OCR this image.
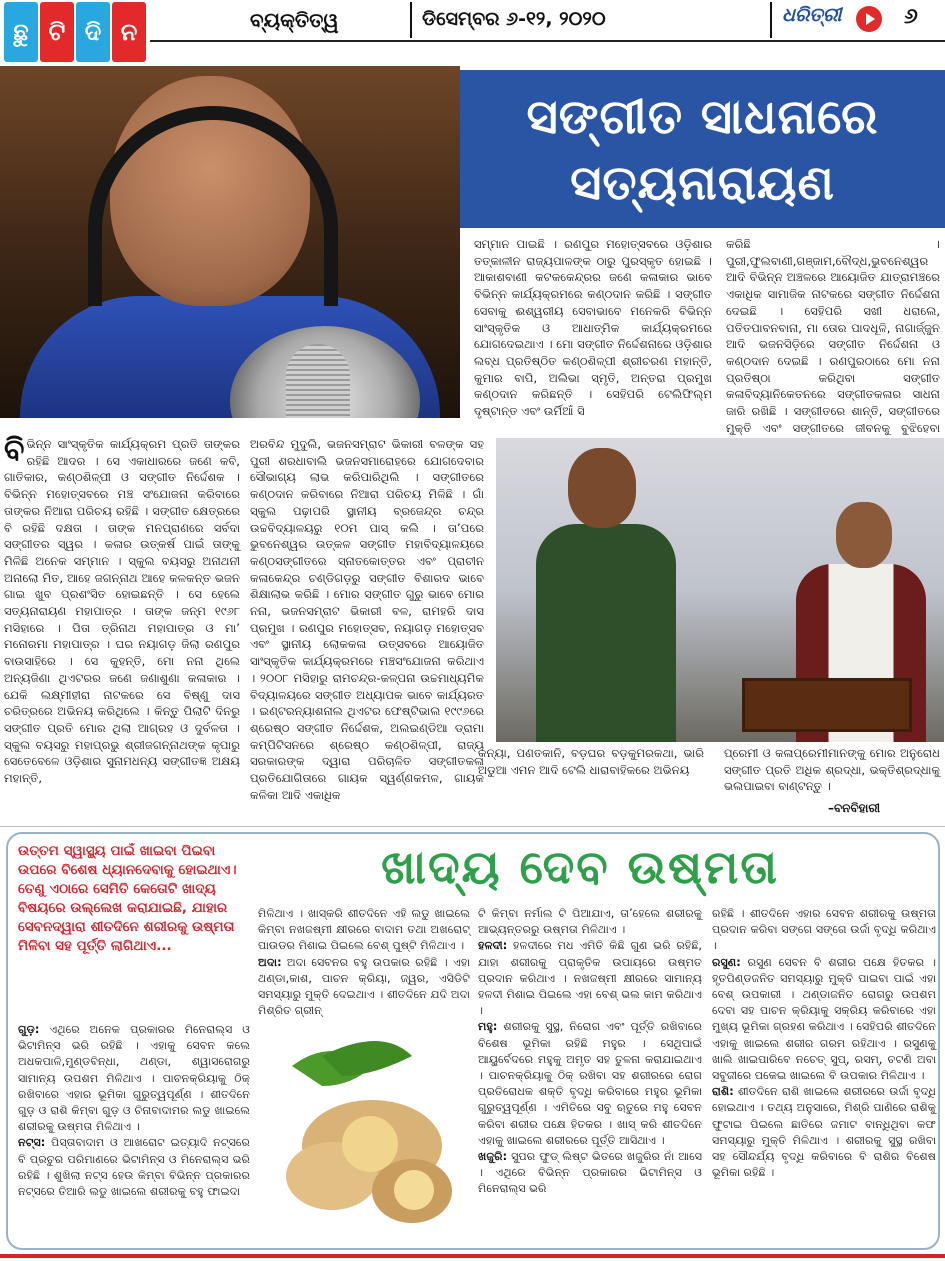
ଛୁ ଟି ଦି ନ	ବ୍ୟକ୍ତିତ୍ୱ	ଡିସେମ୍ବର ୬-୧୨, ୨୦୨୦	ଧରିତ୍ରୀ	୬
ସଙ୍ଗୀତ ସାଧନାରେ
ସତ୍ୟନାରାୟଣ
ସମ୍ମାନ ପାଇଛି । ରଣପୁର ମହୋତ୍ସବରେ ଓଡ଼ିଶାର ତତ୍କାଳୀନ ରାଜ୍ୟପାଳଙ୍କ ଠାରୁ ପୁରସ୍କୃତ ହୋଇଛି । ଆକାଶବାଣୀ କଟକକେନ୍ଦ୍ରର ଜଣେ କଳାକାର ଭାବେ ବିଭିନ୍ନ କାର୍ଯ୍ୟକ୍ରମରେ କଣ୍ଠଦାନ କରିଛି । ସଙ୍ଗୀତ ସେବାକୁ ଈଶ୍ୱରୀୟ ସେବାଭାବେ ମନେକରି ବିଭିନ୍ନ ସାଂସ୍କୃତିକ ଓ ଆଧାତ୍ମିକ କାର୍ଯ୍ୟକ୍ରମରେ ଯୋଗଦେଇଥାଏ । ମୋ ସଙ୍ଗୀତ ନିର୍ଦ୍ଦେଶନାରେ ଓଡ଼ିଶାର ଲବ୍ଧ ପ୍ରତିଷ୍ଠିତ କଣ୍ଠଶିଳ୍ପୀ ଶ୍ରୀଚରଣ ମହାନ୍ତି, କୁମାର ବାପି, ଅଲିଭା ସ୍ମୃତି, ଅନ୍ତରା ପ୍ରମୁଖ କଣ୍ଠଦାନ କରିଛନ୍ତି । ସେହିପରି ଟେଲିଫିଲ୍ମ ଦୃଷ୍ଟାନ୍ତ ଏବଂ ଉର୍ମିଆଁ ସି
କରିଛି । ପୁରୀ,ଫୁଲବାଣୀ,ଗଞ୍ଜାମ,ବୌଦ୍ଧ,ଭୁବନେଶ୍ୱର ଆଦି ବିଭିନ୍ନ ଅଞ୍ଚଳରେ ଆୟୋଜିତ ଯାତ୍ରାମଞ୍ଚରେ ଏକାଧିକ ସାମାଜିକ ନାଟକରେ ସଙ୍ଗୀତ ନିର୍ଦ୍ଦେଶନା ଦେଇଛି । ସେହିପରି ସଖୀ ଧରାଲେ, ପତିତପାବନବାନା, ମା ତୋର ପାଦଧୂଳି, ନାଗାର୍ଜ୍ଜୁନ ଆଦି ଭଜନସିଡ଼ିରେ ସଙ୍ଗୀତ ନିର୍ଦ୍ଦେଶନା ଓ କଣ୍ଠଦାନ ଦେଇଛି । ରଣପୁରଠାରେ ମୋ ନନା ପ୍ରତିଷ୍ଠା କରିଥିବା ସଙ୍ଗୀତ କଳାବିଦ୍ୟାନିକେତନରେ ସଙ୍ଗୀତକଳାର ସାଧନା ଜାରି ରଖିଛି । ସଙ୍ଗୀତରେ ଶାନ୍ତି, ସଙ୍ଗୀତରେ ମୁକ୍ତି ଏବଂ ସଙ୍ଗୀତରେ ଜୀବନକୁ ବୁଝିହେବା
ବିଭିନ୍ନ ସାଂସ୍କୃତିକ କାର୍ଯ୍ୟକ୍ରମ ପ୍ରତି ତାଙ୍କର ରହିଛି ଆଦର । ସେ ଏକାଧାରରେ ଜଣେ କବି, ଗାତିକାର, କଣ୍ଠଶିଳ୍ପୀ ଓ ସଙ୍ଗୀତ ନିର୍ଦ୍ଦେଶକ । ବିଭିନ୍ନ ମହୋତ୍ସବରେ ମଞ୍ଚ ସଂଯୋଜନା କରିବାରେ ତାଙ୍କର ନିଆରା ପରିଚୟ ରହିଛି । ସଙ୍ଗୀତ କ୍ଷେତ୍ରରେ ବି ରହିଛି ଦକ୍ଷତା । ତାଙ୍କ ମନପ୍ରାଣରେ ସର୍ବଦା ସଙ୍ଗୀତର ସ୍ୱର । କଳାର ଉତ୍କର୍ଷ ପାଇଁ ତାଙ୍କୁ ମିଳିଛି ଅନେକ ସମ୍ମାନ । ସ୍କୁଲ ବୟସରୁ ଅନାଥନୀ ଅନାଲୋ ମିତ, ଆହେ ଜଗନ୍ନାଥ ଆହେ କଳକନ୍ତ ଭଜନ ଗାଇ ଖୁବ ପ୍ରଶଂସିତ ହୋଇଛନ୍ତି । ସେ ହେଲେ ସତ୍ୟନାରାୟଣ ମହାପାତ୍ର । ତାଙ୍କ ଜନ୍ମ ୧୯୬୮ ମସିହାରେ । ପିତା ତ୍ରିନାଥ ମହାପାତ୍ର ଓ ମା’ ମନୋରମା ମହାପାତ୍ର । ଘର ନୟାଗଡ଼ ଜିଲା ରଣପୁର ବାଉସାହିରେ । ସେ କୁହନ୍ତି, ମୋ ନନା ଥିଲେ ଅନ୍ୟଜିଣା ଥିଏଟରର ଜଣେ ଜଣାଶୁଣା କଳାକାର । ଯେକି ଲକ୍ଷ୍ମୀହୀରା ନାଟକରେ ସେ ବିଷ୍ଣୁ ଦାସ ଚରିତ୍ରରେ ଅଭିନୟ କରିଥିଲେ । କିନ୍ତୁ ପିଲାଟି ଦିନରୁ ସଙ୍ଗୀତ ପ୍ରତି ମୋର ଥିଲା ଆଗ୍ରହ ଓ ଦୁର୍ବଳତା । ସ୍କୁଲ ବୟସରୁ ମହାପ୍ରଭୁ ଶ୍ରୀଜଗନ୍ନାଥଙ୍କ କୃପାରୁ ସେତେବେଳେ ଓଡ଼ିଶାର ସୁନାମଧନ୍ୟ ସଙ୍ଗୀତଜ୍ଞ ଅକ୍ଷୟ ମହାନ୍ତି,
ଅରବିନ୍ଦ ମୁଦୁଲି, ଭଜନସମ୍ରାଟ ଭିକାରୀ ବଳଙ୍କ ସହ ପୁରୀ ଶରଧାବାଲି ଭଜନସମାରୋହରେ ଯୋଗଦେବାର ସୌଭାଗ୍ୟ ଲାଭ କରିପାରିଥିଲି । ସଙ୍ଗୀତରେ କଣ୍ଠଦାନ କରିବାରେ ନିଆରା ପରିଚୟ ମିଳିଛି । ଗାଁ ସ୍କୁଲ ପଢ଼ାପରି ସ୍ଥାନୀୟ ବ୍ରଜେନ୍ଦ୍ର ଚନ୍ଦ୍ର ଉଚ୍ଚବିଦ୍ୟାଳୟରୁ ୧୦ମ ପାସ୍ କଲି । ତା’ପରେ ଭୁବନେଶ୍ୱର ଉତ୍କଳ ସଙ୍ଗୀତ ମହାବିଦ୍ୟାଳୟରେ କଣ୍ଠସଙ୍ଗୀତରେ ସ୍ନାତକୋତ୍ତର ଏବଂ ପ୍ରାଚୀନ କଳାକେନ୍ଦ୍ର ଚଣ୍ଡିଗଡ଼ରୁ ସଙ୍ଗୀତ ବିଶାରଦ ଭାବେ ଶିକ୍ଷାଲାଭ କରିଛି । ମୋର ସଙ୍ଗୀତ ଗୁରୁ ଭାବେ ମୋର ନନା, ଭଜନସମ୍ରାଟ ଭିକାରୀ ବଳ, ରାମହରି ଦାସ ପ୍ରମୁଖ । ରଣପୁର ମହୋତ୍ସବ, ନୟାଗଡ଼ ମହୋତ୍ସବ ଏବଂ ସ୍ଥାନୀୟ ଲୋକକଳା ଉତ୍ସବରେ ଆୟୋଜିତ ସାଂସ୍କୃତିକ କାର୍ଯ୍ୟକ୍ରମରେ ମଞ୍ଚସଂଯୋଜନା କରିଥାଏ । ୨୦୦୮ ମସିହାରୁ ରାମଚନ୍ଦ୍ର-କଳ୍ପନା ଉଚ୍ଚମାଧ୍ୟମିକ ବିଦ୍ୟାଳୟରେ ସଙ୍ଗୀତ ଅଧ୍ୟାପକ ଭାବେ କାର୍ଯ୍ୟରତ । ଇଣ୍ଟରନ୍ୟାଶନାଲ ଥିଏଟର ଫେଷ୍ଟିଭାଲ ୧୯୯୬ରେ ଶ୍ରେଷ୍ଠ ସଙ୍ଗୀତ ନିର୍ଦ୍ଦେଶକ, ଅଲଇଣ୍ଡିଆ ଡ୍ରାମା କମ୍ପିଟିସନରେ ଶ୍ରେଷ୍ଠ କଣ୍ଠଶିଳ୍ପୀ, ରାଜ୍ୟ ସରକାରଙ୍କ ଦ୍ୱାରା ପରିଚାଳିତ ସଙ୍ଗୀତକଳା ପ୍ରତିଯୋଗିତାରେ ଗାୟକ ସ୍ୱର୍ଣ୍ଣକମଳ, ଗାୟକ କଳିକା ଆଦି ଏକାଧିକ
କନ୍ୟା, ପଣତକାନି, ବଡ଼ଘର ବଡ଼କୁମରକଥା, ଭାରି ଅଡୁଆ ଏମନ ଆଦି ଟେଲି ଧାରାବାହିକରେ ଅଭିନୟ
ପ୍ରେମୀ ଓ କଳାପ୍ରେମୀମାନଙ୍କୁ ମୋର ଅନୁରୋଧ ସଙ୍ଗୀତ ପ୍ରତି ଅଧିକ ଶ୍ରଦ୍ଧା, ଭକ୍ତିଶ୍ରଦ୍ଧାକୁ ଭଲପାଇବା ବାଣ୍ଟନ୍ତୁ ।
–ବନବିହାରୀ
ଉତ୍ତମ ସ୍ୱାସ୍ଥ୍ୟ ପାଇଁ ଖାଇବା ପିଇବା ଉପରେ ବିଶେଷ ଧ୍ୟାନଦେବାକୁ ହୋଇଥାଏ। ତେଣୁ ଏଠାରେ ସେମିତି କେତୋଟି ଖାଦ୍ୟ ବିଷୟରେ ଉଲ୍ଲେଖ କରାଯାଇଛି, ଯାହାର ସେବନଦ୍ୱାରା ଶୀତଦିନେ ଶରୀରକୁ ଉଷ୍ମତା ମିଳିବା ସହ ପୂର୍ତ୍ତି ଲାଗିଥାଏ...
ଖାଦ୍ୟ ଦେବ ଉଷ୍ମତା

ଗୁଡ଼: ଏଥିରେ ଅନେକ ପ୍ରକାରର ମିନେରାଲ୍ସ ଓ ଭିଟାମିନ୍ସ ଭରି ରହିଛି । ଏହାକୁ ସେବନ କଲେ ଅଧକପାଳି,ମୁଣ୍ଡବିନ୍ଧା, ଥଣ୍ଡା, ଶ୍ୱାସରୋଗରୁ ସାମାନ୍ୟ ଉପଶମ ମିଳିଥାଏ । ପାଚନକ୍ରିୟାକୁ ଠିକ୍ ରଖିବାରେ ଏହାର ଭୂମିକା ଗୁରୁତ୍ୱପୂର୍ଣ୍ଣ । ଶୀତଦିନେ ଗୁଡ଼ ଓ ରାଶି କିମ୍ବା ଗୁଡ଼ ଓ ଚିନାବାଦାମର ଲଡୁ ଖାଇଲେ ଶରୀରକୁ ଉଷ୍ମତା ମିଳିଥାଏ ।

ନଟ୍ସ: ପିସ୍ତାବାଦାମ ଓ ଆଖରୋଟ ଇତ୍ୟାଦି ନଟ୍ସରେ ବି ପ୍ରଚୁର ପରିମାଣରେ ଭିଟାମିନ୍ସ ଓ ମିନେରାଲ୍ସ ଭରି ରହିଛି । ଶୁଖିଲା ନଟ୍ସ ହେଉ କିମ୍ବା ବିଭିନ୍ନ ପ୍ରକାରର ନଟ୍ସରେ ତିଆରି ଲଡୁ ଖାଇଲେ ଶରୀରକୁ ବହୁ ଫାଇଦା

ମିଳିଥାଏ । ଖାସ୍‌କରି ଶୀତଦିନେ ଏହି ଲଡୁ ଖାଇଲେ କିମ୍ବା ନଖଜଷ୍ମୀ କ୍ଷୀରରେ ବାଦାମ ତଥା ଅଖରୋଟ୍ ପାଉଡର ମିଶାଇ ପିଇଲେ ବେଶ୍ ପୁଷ୍ଟି ମିଳିଥାଏ ।

ଅଦା: ଅଦା ସେବନର ବହୁ ଉପକାର ରହିଛି । ଏହା ଥଣ୍ଡା,କାଶ, ପାଚନ କ୍ରିୟା, ଜ୍ୱର, ଏସିଡିଟି ସମସ୍ୟାରୁ ମୁକ୍ତି ଦେଇଥାଏ । ଶୀତଦିନେ ଯଦି ଅଦା ମିଶ୍ରିତ ଗ୍ରୀନ୍

ଟି କିମ୍ବା ନର୍ମାଲ ଟି ପିଆଯାଏ, ତା’ହେଲେ ଶରୀରକୁ ଆଭ୍ୟନ୍ତରରୁ ଉଷ୍ମତା ମିଳିଥାଏ ।

ହଳଦୀ: ହଳଦୀରେ ମଧ ଏମିତି କିଛି ଗୁଣ ଭରି ରହିଛି, ଯାହା ଶରୀରକୁ ପ୍ରାକୃତିକ ଉପାୟରେ ଉଷ୍ମତ ପ୍ରଦାନ କରିଥାଏ । ନଖଜଷ୍ମୀ କ୍ଷୀରରେ ସାମାନ୍ୟ ହଳଦୀ ମିଶାଇ ପିଇଲେ ଏହା ବେଶ୍ ଭଲ କାମ କରିଥାଏ ।

ମହୁ: ଶରୀରକୁ ସୁସ୍ଥ, ନିରୋଗ ଏବଂ ପୂର୍ତ୍ତି ରଖିବାରେ ବିଶେଷ ଭୂମିକା ରହିଛି ମହୁର । ସେଥିପାଇଁ ଆୟୁର୍ବେଦରେ ମହୁକୁ ଅମୃତ ସହ ତୁଳନା କରାଯାଇଥାଏ । ପାଚନକ୍ରିୟାକୁ ଠିକ୍ ରଖିବା ସହ ଶରୀରରେ ରୋଗ ପ୍ରତିରୋଧକ ଶକ୍ତି ବୃଦ୍ଧି କରିବାରେ ମହୁର ଭୂମିକା ଗୁରୁତ୍ୱପୂର୍ଣ୍ଣ । ଏମିତିରେ ସବୁ ଋତୁରେ ମହୁ ସେବନ କରିବା ଶରୀର ପକ୍ଷେ ହିତକର । ଖାସ୍ କରି ଶୀତଦିନେ ଏହାକୁ ଖାଇଲେ ଶରୀରରେ ପୂର୍ତ୍ତି ଆସିଥାଏ ।

ଖଜୁରି: ସୁପର ଫୁଡ୍ ଲିଷ୍ଟ ଭିତରେ ଖଜୁରିର ନାଁ ଆସେ । ଏଥିରେ ବିଭିନ୍ନ ପ୍ରକାରର ଭିଟାମିନ୍ସ ଓ ମିନେରାଲ୍ସ ଭରି

ରହିଛି । ଶୀତଦିନେ ଏହାର ସେବନ ଶରୀରକୁ ଉଷ୍ମତା ପ୍ରଦାନ କରିବା ସଙ୍ଗେ ସଙ୍ଗେ ଉର୍ଜା ବୃଦ୍ଧି କରିଥାଏ ।

ରସୁଣ: ରସୁଣ ସେବନ ବି ଶରୀର ପକ୍ଷେ ହିତକର । ହୃତପିଣ୍ଡଜନିତ ସମସ୍ୟାରୁ ମୁକ୍ତି ପାଇବା ପାଇଁ ଏହା ବେଶ୍ ଉପକାରୀ । ଥଣ୍ଡାଜନିତ ରୋଗରୁ ଉପଶମ ଦେବା ସହ ପାଚନ କ୍ରିୟାକୁ ସକ୍ରିୟ କରିବାରେ ଏହା ମୁଖ୍ୟ ଭୂମିକା ଗ୍ରହଣ କରିଥାଏ । ସେହିପରି ଶୀତଦିନେ ଏହାକୁ ଖାଇଲେ ଶରୀର ଗରମ ରହିଥାଏ । ରସୁଣକୁ ଖାଲି ଖାଇପାରିବେ ନଚେତ୍ ସୁପ୍, ରସମ୍, ଚଟଣି ଅବା ସବୁଜୀରେ ପକେଇ ଖାଇଲେ ବି ଉପକାର ମିଳିଥାଏ ।

ରାଶି: ଶୀତଦିନେ ରାଶି ଖାଇଲେ ଶରୀରରେ ଉର୍ଜା ବୃଦ୍ଧି ହୋଇଥାଏ । ତଥ୍ୟ ଅନୁସାରେ, ମିଶ୍ରି ପାଣିରେ ରାଶିକୁ ଫୁଟାଇ ପିଇଲେ ଛାତିରେ ଜମାଟ ବାନ୍ଧିଥିବା କଫ ସମସ୍ୟାରୁ ମୁକ୍ତି ମିଳିଥାଏ । ଶରୀରକୁ ସୁସ୍ଥ ରଖିବା ସହ ସୌନ୍ଦର୍ଯ୍ୟ ବୃଦ୍ଧି କରିବାରେ ବି ରାଶିର ବିଶେଷ ଭୂମିକା ରହିଛି ।
